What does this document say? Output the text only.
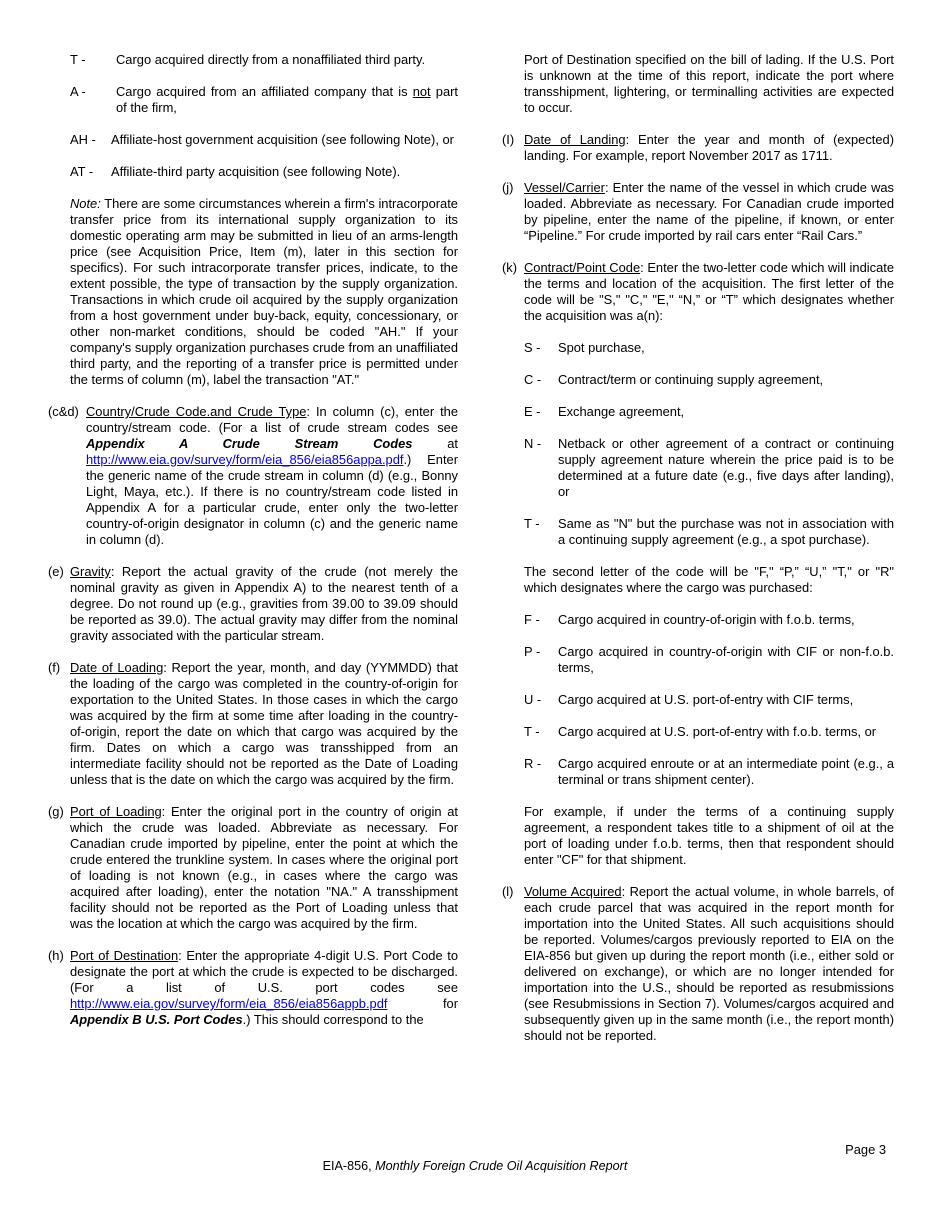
T -	Cargo acquired directly from a nonaffiliated third party.
A -	Cargo acquired from an affiliated company that is not part of the firm,
AH -	Affiliate-host government acquisition (see following Note), or
AT -	Affiliate-third party acquisition (see following Note).

Note: There are some circumstances wherein a firm's intracorporate transfer price from its international supply organization to its domestic operating arm may be submitted in lieu of an arms-length price (see Acquisition Price, Item (m), later in this section for specifics). For such intracorporate transfer prices, indicate, to the extent possible, the type of transaction by the supply organization. Transactions in which crude oil acquired by the supply organization from a host government under buy-back, equity, concessionary, or other non-market conditions, should be coded "AH." If your company's supply organization purchases crude from an unaffiliated third party, and the reporting of a transfer price is permitted under the terms of column (m), label the transaction "AT."

(c&d) Country/Crude Code.and Crude Type: In column (c), enter the country/stream code. (For a list of crude stream codes see Appendix A Crude Stream Codes at http://www.eia.gov/survey/form/eia_856/eia856appa.pdf.) Enter the generic name of the crude stream in column (d) (e.g., Bonny Light, Maya, etc.). If there is no country/stream code listed in Appendix A for a particular crude, enter only the two-letter country-of-origin designator in column (c) and the generic name in column (d).
(e) Gravity: Report the actual gravity of the crude (not merely the nominal gravity as given in Appendix A) to the nearest tenth of a degree. Do not round up (e.g., gravities from 39.00 to 39.09 should be reported as 39.0). The actual gravity may differ from the nominal gravity associated with the particular stream.
(f) Date of Loading: Report the year, month, and day (YYMMDD) that the loading of the cargo was completed in the country-of-origin for exportation to the United States. In those cases in which the cargo was acquired by the firm at some time after loading in the country-of-origin, report the date on which that cargo was acquired by the firm. Dates on which a cargo was transshipped from an intermediate facility should not be reported as the Date of Loading unless that is the date on which the cargo was acquired by the firm.
(g) Port of Loading: Enter the original port in the country of origin at which the crude was loaded. Abbreviate as necessary. For Canadian crude imported by pipeline, enter the point at which the crude entered the trunkline system. In cases where the original port of loading is not known (e.g., in cases where the cargo was acquired after loading), enter the notation "NA." A transshipment facility should not be reported as the Port of Loading unless that was the location at which the cargo was acquired by the firm.
(h) Port of Destination: Enter the appropriate 4-digit U.S. Port Code to designate the port at which the crude is expected to be discharged. (For a list of U.S. port codes see http://www.eia.gov/survey/form/eia_856/eia856appb.pdf for Appendix B U.S. Port Codes.) This should correspond to the

Port of Destination specified on the bill of lading. If the U.S. Port is unknown at the time of this report, indicate the port where transshipment, lightering, or terminalling activities are expected to occur.

(I) Date of Landing: Enter the year and month of (expected) landing. For example, report November 2017 as 1711.
(j) Vessel/Carrier: Enter the name of the vessel in which crude was loaded. Abbreviate as necessary. For Canadian crude imported by pipeline, enter the name of the pipeline, if known, or enter “Pipeline.” For crude imported by rail cars enter “Rail Cars.”
(k) Contract/Point Code: Enter the two-letter code which will indicate the terms and location of the acquisition. The first letter of the code will be "S," "C," "E," “N,” or “T” which designates whether the acquisition was a(n):
S -	Spot purchase,
C -	Contract/term or continuing supply agreement,
E -	Exchange agreement,
N -	Netback or other agreement of a contract or continuing supply agreement nature wherein the price paid is to be determined at a future date (e.g., five days after landing), or
T -	Same as "N" but the purchase was not in association with a continuing supply agreement (e.g., a spot purchase).

The second letter of the code will be "F," “P,” “U,” "T," or "R" which designates where the cargo was purchased:

F -	Cargo acquired in country-of-origin with f.o.b. terms,
P -	Cargo acquired in country-of-origin with CIF or non-f.o.b. terms,
U -	Cargo acquired at U.S. port-of-entry with CIF terms,
T -	Cargo acquired at U.S. port-of-entry with f.o.b. terms, or
R -	Cargo acquired enroute or at an intermediate point (e.g., a terminal or trans shipment center).

For example, if under the terms of a continuing supply agreement, a respondent takes title to a shipment of oil at the port of loading under f.o.b. terms, then that respondent should enter "CF" for that shipment.

(l) Volume Acquired: Report the actual volume, in whole barrels, of each crude parcel that was acquired in the report month for importation into the United States. All such acquisitions should be reported. Volumes/cargos previously reported to EIA on the EIA-856 but given up during the report month (i.e., either sold or delivered on exchange), or which are no longer intended for importation into the U.S., should be reported as resubmissions (see Resubmissions in Section 7). Volumes/cargos acquired and subsequently given up in the same month (i.e., the report month) should not be reported.
Page 3
EIA-856, Monthly Foreign Crude Oil Acquisition Report
